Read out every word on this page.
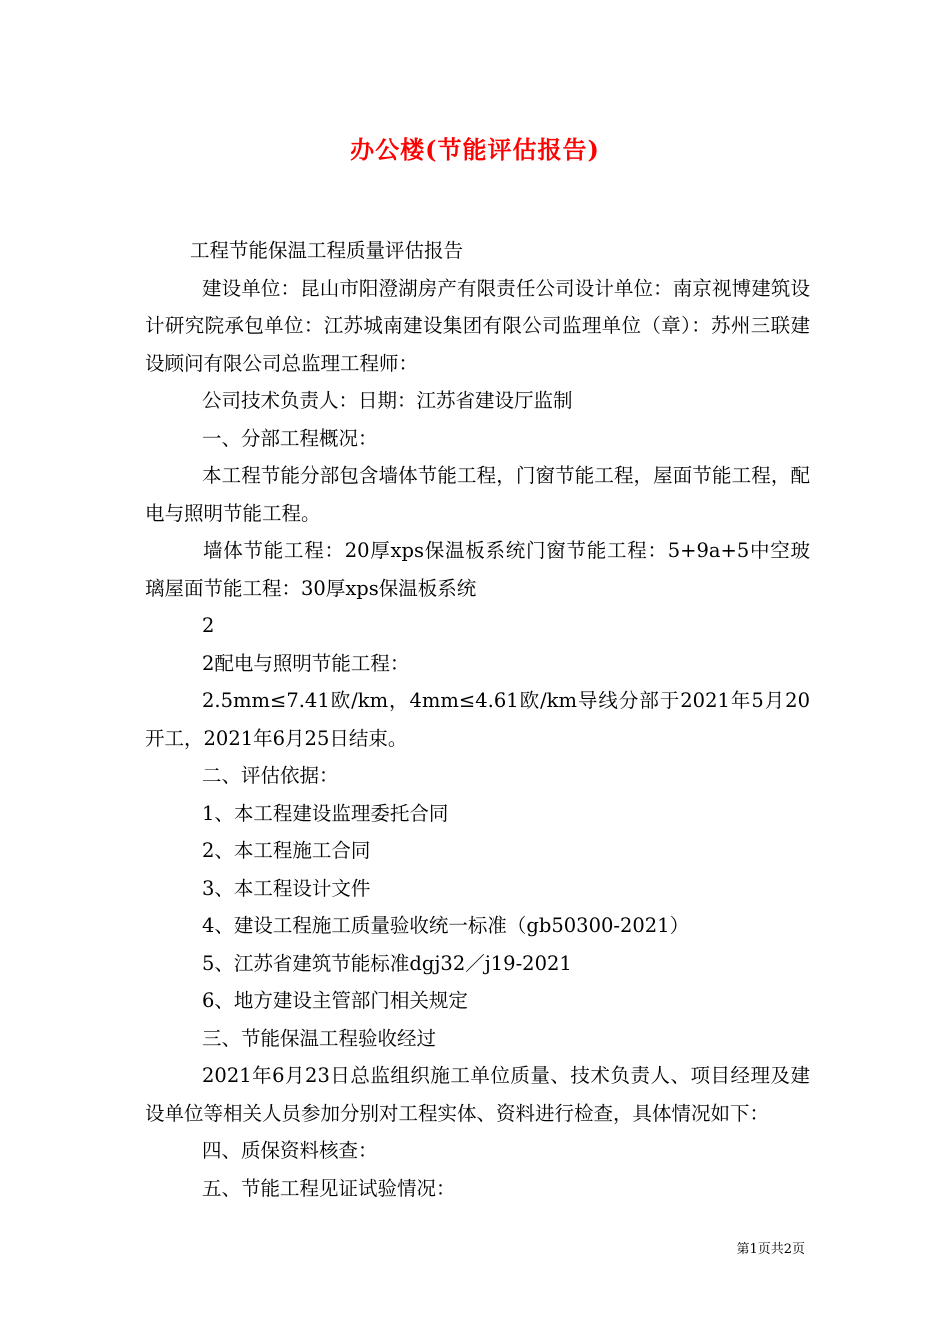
办公楼(节能评估报告)

工程节能保温工程质量评估报告

建设单位：昆山市阳澄湖房产有限责任公司设计单位：南京视博建筑设计研究院承包单位：江苏城南建设集团有限公司监理单位（章）：苏州三联建设顾问有限公司总监理工程师：

公司技术负责人：日期：江苏省建设厅监制

一、分部工程概况：

本工程节能分部包含墙体节能工程，门窗节能工程，屋面节能工程，配电与照明节能工程。

墙体节能工程：20厚xps保温板系统门窗节能工程：5+9a+5中空玻璃屋面节能工程：30厚xps保温板系统

2

2配电与照明节能工程：

2.5mm≤7.41欧/km，4mm≤4.61欧/km导线分部于2021年5月20开工，2021年6月25日结束。

二、评估依据：

1、本工程建设监理委托合同

2、本工程施工合同

3、本工程设计文件

4、建设工程施工质量验收统一标准（gb50300-2021）

5、江苏省建筑节能标准dgj32／j19-2021

6、地方建设主管部门相关规定

三、节能保温工程验收经过

2021年6月23日总监组织施工单位质量、技术负责人、项目经理及建设单位等相关人员参加分别对工程实体、资料进行检查，具体情况如下：

四、质保资料核查：

五、节能工程见证试验情况：

第1页共2页
